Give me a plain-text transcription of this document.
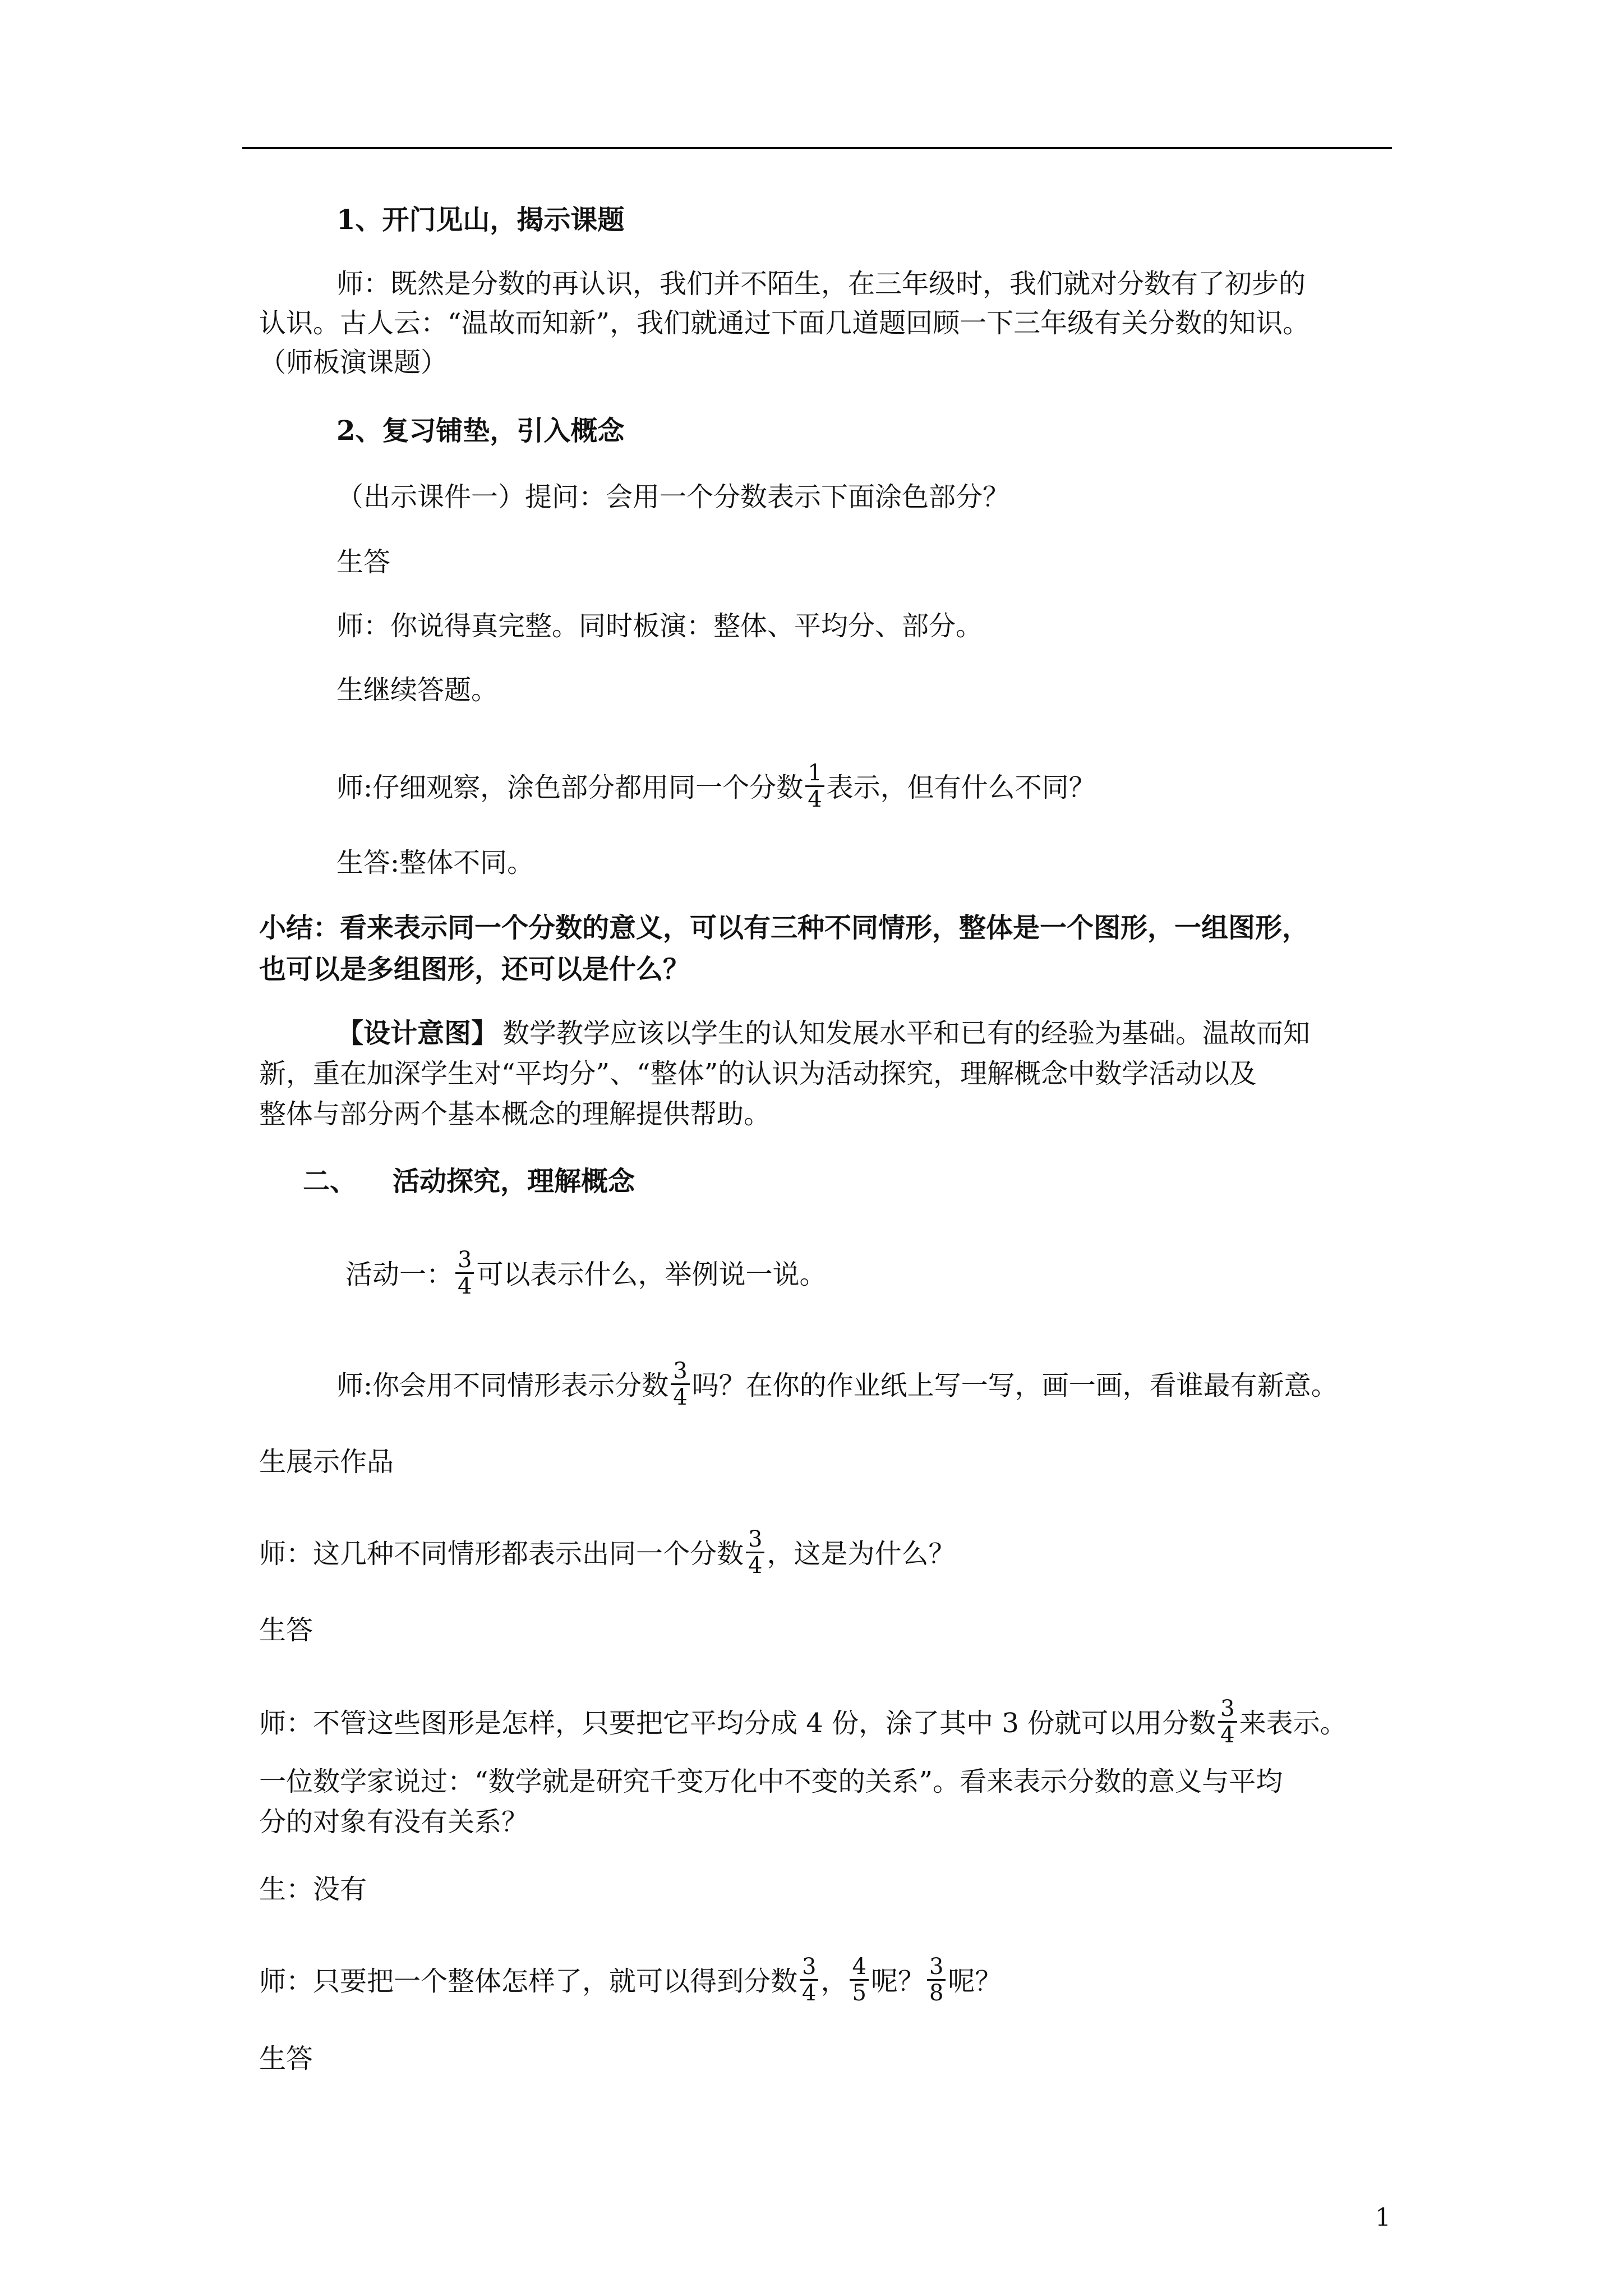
1、开门见山，揭示课题
师：既然是分数的再认识，我们并不陌生，在三年级时，我们就对分数有了初步的
认识。古人云：“温故而知新”，我们就通过下面几道题回顾一下三年级有关分数的知识。
（师板演课题）
2、复习铺垫，引入概念
（出示课件一）提问：会用一个分数表示下面涂色部分？
生答
师：你说得真完整。同时板演：整体、平均分、部分。
生继续答题。
师:仔细观察，涂色部分都用同一个分数 $\frac{1}{4}$ 表示，但有什么不同？
生答:整体不同。
小结：看来表示同一个分数的意义，可以有三种不同情形，整体是一个图形，一组图形，
也可以是多组图形，还可以是什么？
【设计意图】 数学教学应该以学生的认知发展水平和已有的经验为基础。温故而知
新，重在加深学生对“平均分”、“整体”的认识为活动探究，理解概念中数学活动以及
整体与部分两个基本概念的理解提供帮助。
二、 活动探究，理解概念
活动一： $\frac{3}{4}$ 可以表示什么，举例说一说。
师:你会用不同情形表示分数 $\frac{3}{4}$ 吗？在你的作业纸上写一写，画一画，看谁最有新意。
生展示作品
师：这几种不同情形都表示出同一个分数 $\frac{3}{4}$ ，这是为什么？
生答
师：不管这些图形是怎样，只要把它平均分成 4 份，涂了其中 3 份就可以用分数 $\frac{3}{4}$ 来表示。
一位数学家说过：“数学就是研究千变万化中不变的关系”。看来表示分数的意义与平均
分的对象有没有关系？
生：没有
师：只要把一个整体怎样了，就可以得到分数 $\frac{3}{4}$ ， $\frac{4}{5}$ 呢？ $\frac{3}{8}$ 呢？
生答
1
